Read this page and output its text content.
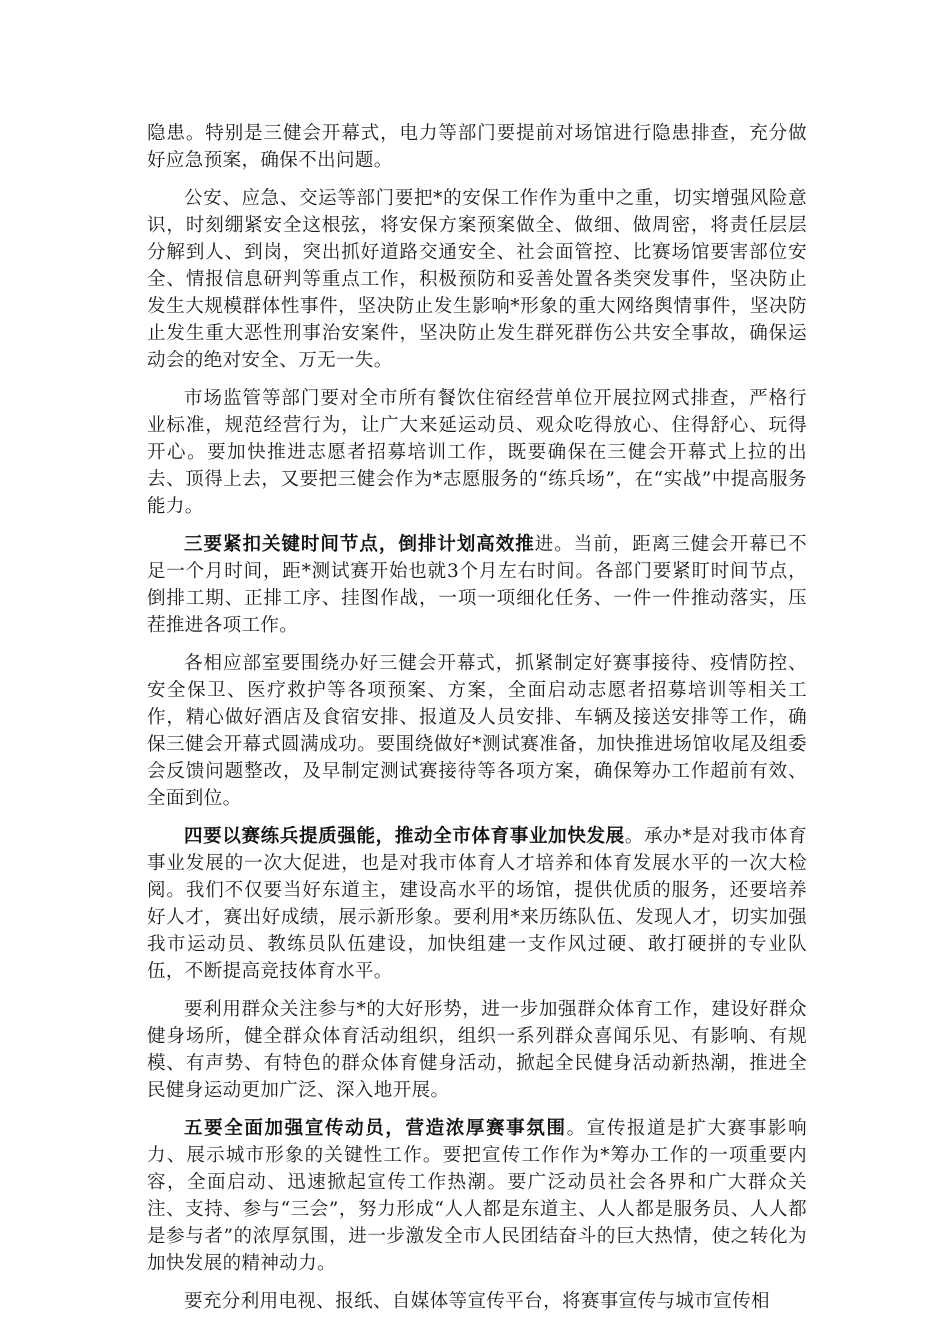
隐患。特别是三健会开幕式，电力等部门要提前对场馆进行隐患排查，充分做好应急预案，确保不出问题。

公安、应急、交运等部门要把*的安保工作作为重中之重，切实增强风险意识，时刻绷紧安全这根弦，将安保方案预案做全、做细、做周密，将责任层层分解到人、到岗，突出抓好道路交通安全、社会面管控、比赛场馆要害部位安全、情报信息研判等重点工作，积极预防和妥善处置各类突发事件，坚决防止发生大规模群体性事件，坚决防止发生影响*形象的重大网络舆情事件，坚决防止发生重大恶性刑事治安案件，坚决防止发生群死群伤公共安全事故，确保运动会的绝对安全、万无一失。

市场监管等部门要对全市所有餐饮住宿经营单位开展拉网式排查，严格行业标准，规范经营行为，让广大来延运动员、观众吃得放心、住得舒心、玩得开心。要加快推进志愿者招募培训工作，既要确保在三健会开幕式上拉的出去、顶得上去，又要把三健会作为*志愿服务的“练兵场”，在“实战”中提高服务能力。

三要紧扣关键时间节点，倒排计划高效推进。当前，距离三健会开幕已不足一个月时间，距*测试赛开始也就3个月左右时间。各部门要紧盯时间节点，倒排工期、正排工序、挂图作战，一项一项细化任务、一件一件推动落实，压茬推进各项工作。

各相应部室要围绕办好三健会开幕式，抓紧制定好赛事接待、疫情防控、安全保卫、医疗救护等各项预案、方案，全面启动志愿者招募培训等相关工作，精心做好酒店及食宿安排、报道及人员安排、车辆及接送安排等工作，确保三健会开幕式圆满成功。要围绕做好*测试赛准备，加快推进场馆收尾及组委会反馈问题整改，及早制定测试赛接待等各项方案，确保筹办工作超前有效、全面到位。

四要以赛练兵提质强能，推动全市体育事业加快发展。承办*是对我市体育事业发展的一次大促进，也是对我市体育人才培养和体育发展水平的一次大检阅。我们不仅要当好东道主，建设高水平的场馆，提供优质的服务，还要培养好人才，赛出好成绩，展示新形象。要利用*来历练队伍、发现人才，切实加强我市运动员、教练员队伍建设，加快组建一支作风过硬、敢打硬拼的专业队伍，不断提高竞技体育水平。

要利用群众关注参与*的大好形势，进一步加强群众体育工作，建设好群众健身场所，健全群众体育活动组织，组织一系列群众喜闻乐见、有影响、有规模、有声势、有特色的群众体育健身活动，掀起全民健身活动新热潮，推进全民健身运动更加广泛、深入地开展。

五要全面加强宣传动员，营造浓厚赛事氛围。宣传报道是扩大赛事影响力、展示城市形象的关键性工作。要把宣传工作作为*筹办工作的一项重要内容，全面启动、迅速掀起宣传工作热潮。要广泛动员社会各界和广大群众关注、支持、参与“三会”，努力形成“人人都是东道主、人人都是服务员、人人都是参与者”的浓厚氛围，进一步激发全市人民团结奋斗的巨大热情，使之转化为加快发展的精神动力。

要充分利用电视、报纸、自媒体等宣传平台，将赛事宣传与城市宣传相
